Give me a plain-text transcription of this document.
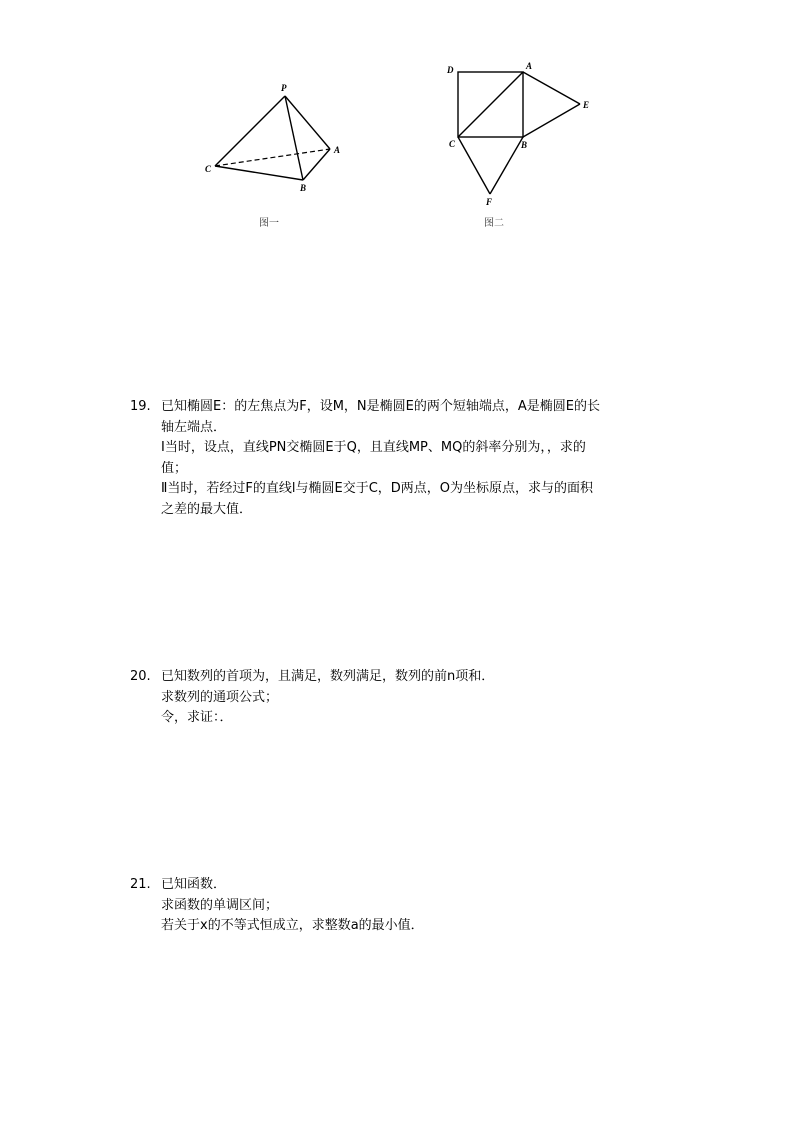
P
A
B
C
图一
D	A
E
C	B
F
图二
19. 已知椭圆E：的左焦点为F，设M，N是椭圆E的两个短轴端点，A是椭圆E的长
轴左端点．
Ⅰ当时，设点，直线PN交椭圆E于Q，且直线MP、MQ的斜率分别为，，求的
值；
Ⅱ当时，若经过F的直线l与椭圆E交于C，D两点，O为坐标原点，求与的面积
之差的最大值．
20. 已知数列的首项为，且满足，数列满足，数列的前n项和．
求数列的通项公式；
令，求证：．
21. 已知函数．
求函数的单调区间；
若关于x的不等式恒成立，求整数a的最小值．
